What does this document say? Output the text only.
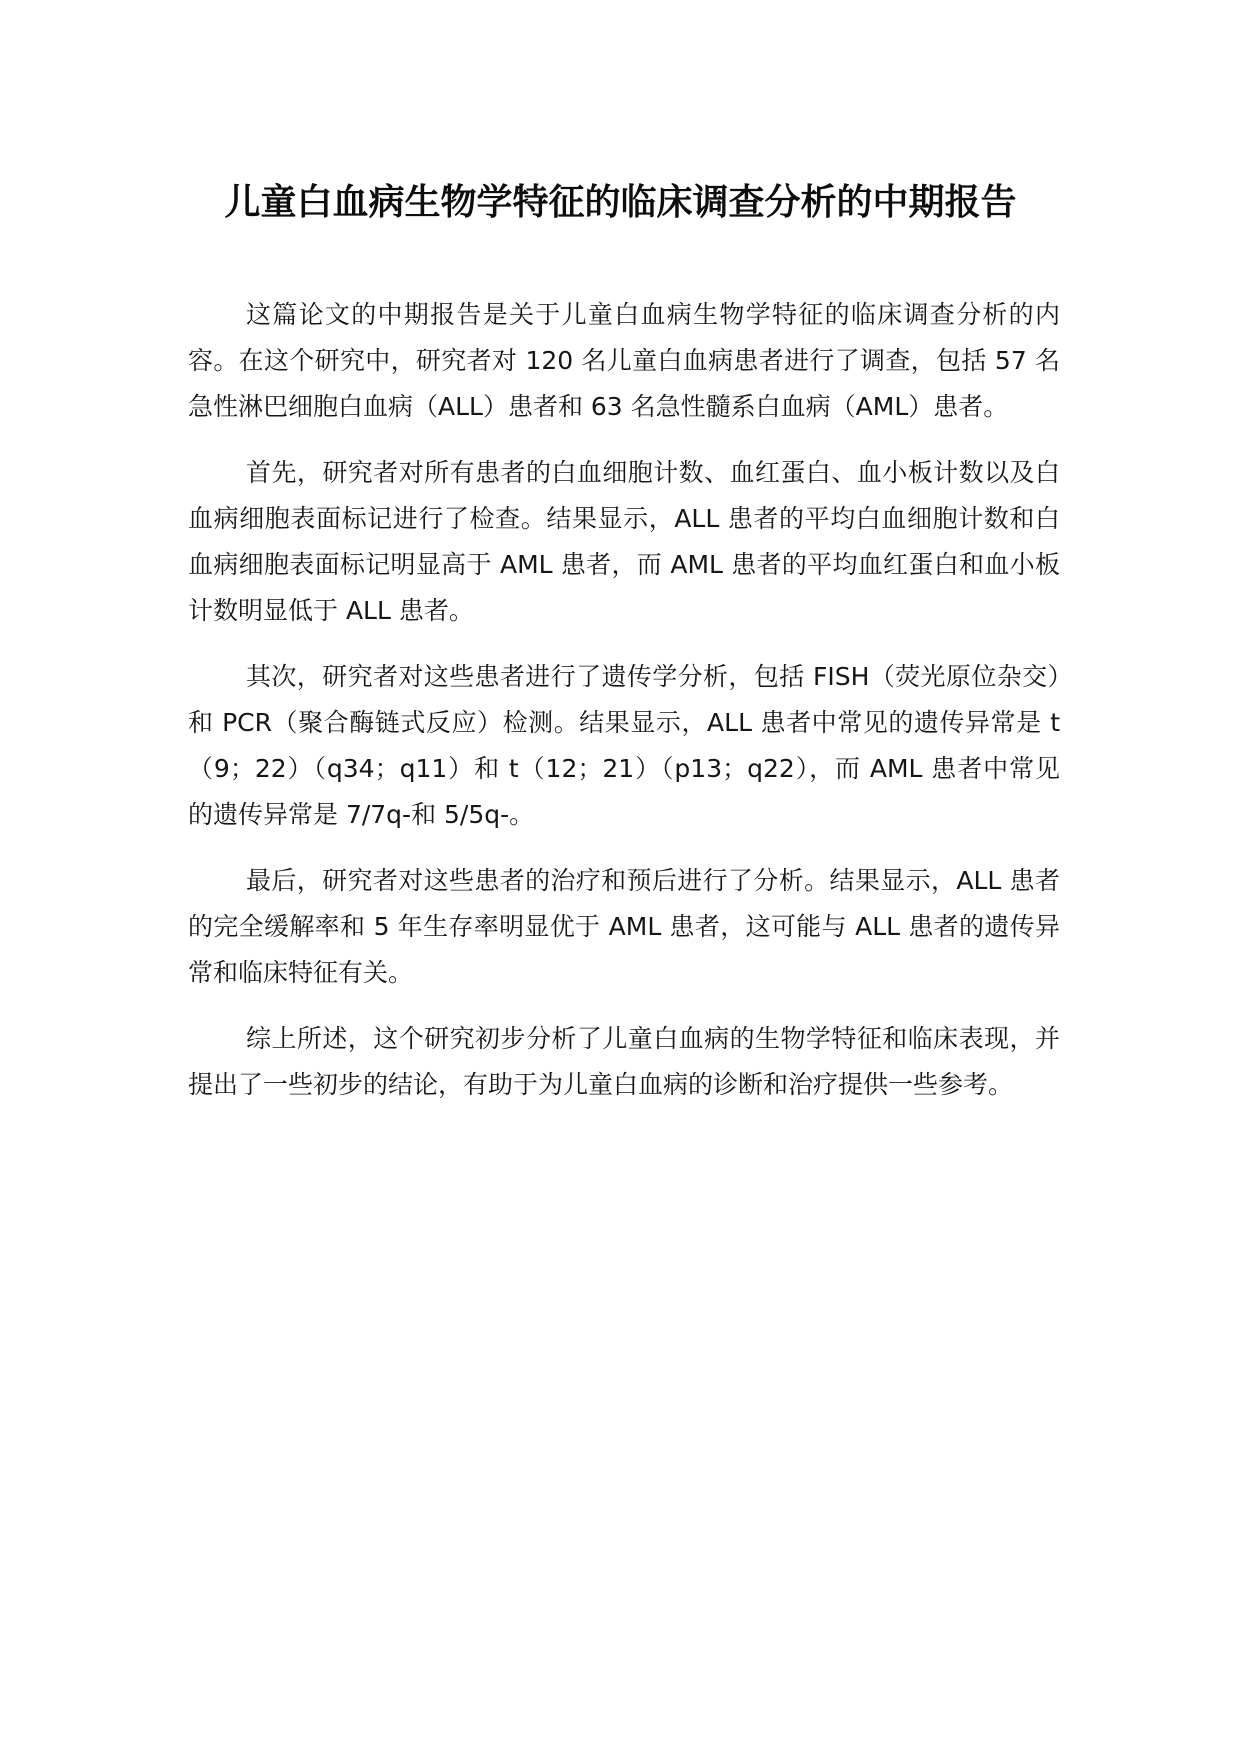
儿童白血病生物学特征的临床调查分析的中期报告

这篇论文的中期报告是关于儿童白血病生物学特征的临床调查分析的内容。在这个研究中，研究者对 120 名儿童白血病患者进行了调查，包括 57 名急性淋巴细胞白血病（ALL）患者和 63 名急性髓系白血病（AML）患者。

首先，研究者对所有患者的白血细胞计数、血红蛋白、血小板计数以及白血病细胞表面标记进行了检查。结果显示，ALL 患者的平均白血细胞计数和白血病细胞表面标记明显高于 AML 患者，而 AML 患者的平均血红蛋白和血小板计数明显低于 ALL 患者。

其次，研究者对这些患者进行了遗传学分析，包括 FISH（荧光原位杂交）和 PCR（聚合酶链式反应）检测。结果显示，ALL 患者中常见的遗传异常是 t（9；22）（q34；q11）和 t（12；21）（p13；q22），而 AML 患者中常见的遗传异常是 7/7q-和 5/5q-。

最后，研究者对这些患者的治疗和预后进行了分析。结果显示，ALL 患者的完全缓解率和 5 年生存率明显优于 AML 患者，这可能与 ALL 患者的遗传异常和临床特征有关。

综上所述，这个研究初步分析了儿童白血病的生物学特征和临床表现，并提出了一些初步的结论，有助于为儿童白血病的诊断和治疗提供一些参考。
